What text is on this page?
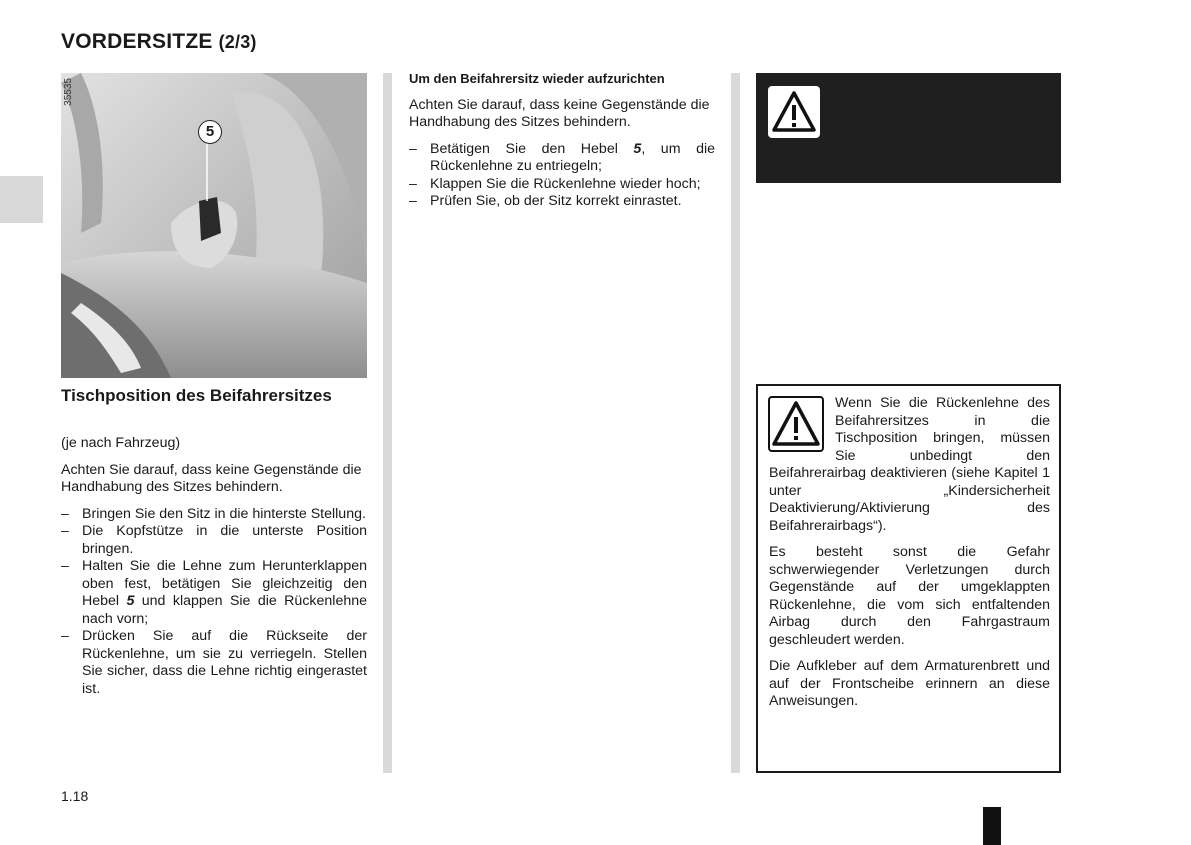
VORDERSITZE (2/3)
35535
5
Tischposition des Beifahrersitzes

(je nach Fahrzeug)

Achten Sie darauf, dass keine Gegenstände die Handhabung des Sitzes behindern.

– Bringen Sie den Sitz in die hinterste Stellung.
– Die Kopfstütze in die unterste Position bringen.
– Halten Sie die Lehne zum Herunterklappen oben fest, betätigen Sie gleichzeitig den Hebel 5 und klappen Sie die Rückenlehne nach vorn;
– Drücken Sie auf die Rückseite der Rückenlehne, um sie zu verriegeln. Stellen Sie sicher, dass die Lehne richtig eingerastet ist.
Um den Beifahrersitz wieder aufzurichten

Achten Sie darauf, dass keine Gegenstände die Handhabung des Sitzes behindern.

– Betätigen Sie den Hebel 5, um die Rückenlehne zu entriegeln;
– Klappen Sie die Rückenlehne wieder hoch;
– Prüfen Sie, ob der Sitz korrekt einrastet.

Wenn Sie die Rückenlehne des Beifahrersitzes in die Tischposition bringen, müssen Sie unbedingt den Beifahrerairbag deaktivieren (siehe Kapitel 1 unter „Kindersicherheit Deaktivierung/Aktivierung des Beifahrerairbags“).

Es besteht sonst die Gefahr schwerwiegender Verletzungen durch Gegenstände auf der umgeklappten Rückenlehne, die vom sich entfaltenden Airbag durch den Fahrgastraum geschleudert werden.

Die Aufkleber auf dem Armaturenbrett und auf der Frontscheibe erinnern an diese Anweisungen.

1.18
